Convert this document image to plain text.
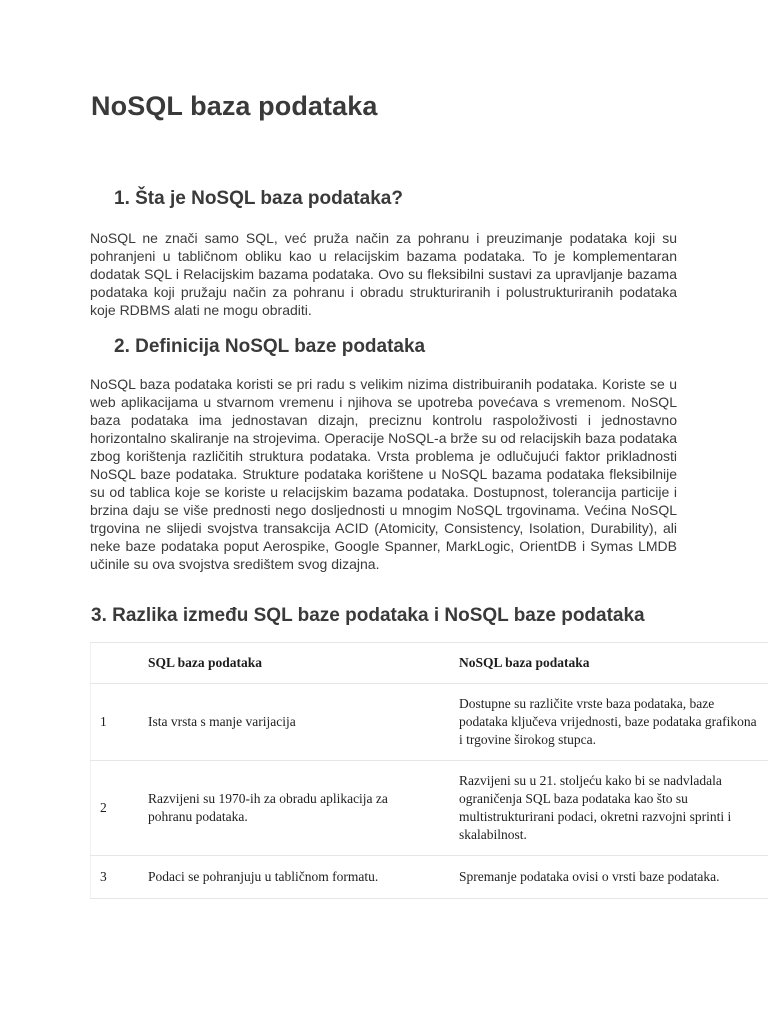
NoSQL baza podataka
1. Šta je NoSQL baza podataka?

NoSQL ne znači samo SQL, već pruža način za pohranu i preuzimanje podataka koji su pohranjeni u tabličnom obliku kao u relacijskim bazama podataka. To je komplementaran dodatak SQL i Relacijskim bazama podataka. Ovo su fleksibilni sustavi za upravljanje bazama podataka koji pružaju način za pohranu i obradu strukturiranih i polustrukturiranih podataka koje RDBMS alati ne mogu obraditi.

2. Definicija NoSQL baze podataka

NoSQL baza podataka koristi se pri radu s velikim nizima distribuiranih podataka. Koriste se u web aplikacijama u stvarnom vremenu i njihova se upotreba povećava s vremenom. NoSQL baza podataka ima jednostavan dizajn, preciznu kontrolu raspoloživosti i jednostavno horizontalno skaliranje na strojevima. Operacije NoSQL-a brže su od relacijskih baza podataka zbog korištenja različitih struktura podataka. Vrsta problema je odlučujući faktor prikladnosti NoSQL baze podataka. Strukture podataka korištene u NoSQL bazama podataka fleksibilnije su od tablica koje se koriste u relacijskim bazama podataka. Dostupnost, tolerancija particije i brzina daju se više prednosti nego dosljednosti u mnogim NoSQL trgovinama. Većina NoSQL trgovina ne slijedi svojstva transakcija ACID (Atomicity, Consistency, Isolation, Durability), ali neke baze podataka poput Aerospike, Google Spanner, MarkLogic, OrientDB i Symas LMDB učinile su ova svojstva središtem svog dizajna.

3. Razlika između SQL baze podataka i NoSQL baze podataka
	SQL baza podataka	NoSQL baza podataka
1	Ista vrsta s manje varijacija	Dostupne su različite vrste baza podataka, baze podataka ključeva vrijednosti, baze podataka grafikona i trgovine širokog stupca.

2	Razvijeni su 1970-ih za obradu aplikacija za pohranu podataka.	Razvijeni su u 21. stoljeću kako bi se nadvladala ograničenja SQL baza podataka kao što su multistrukturirani podaci, okretni razvojni sprinti i skalabilnost.

3	Podaci se pohranjuju u tabličnom formatu.	Spremanje podataka ovisi o vrsti baze podataka.
